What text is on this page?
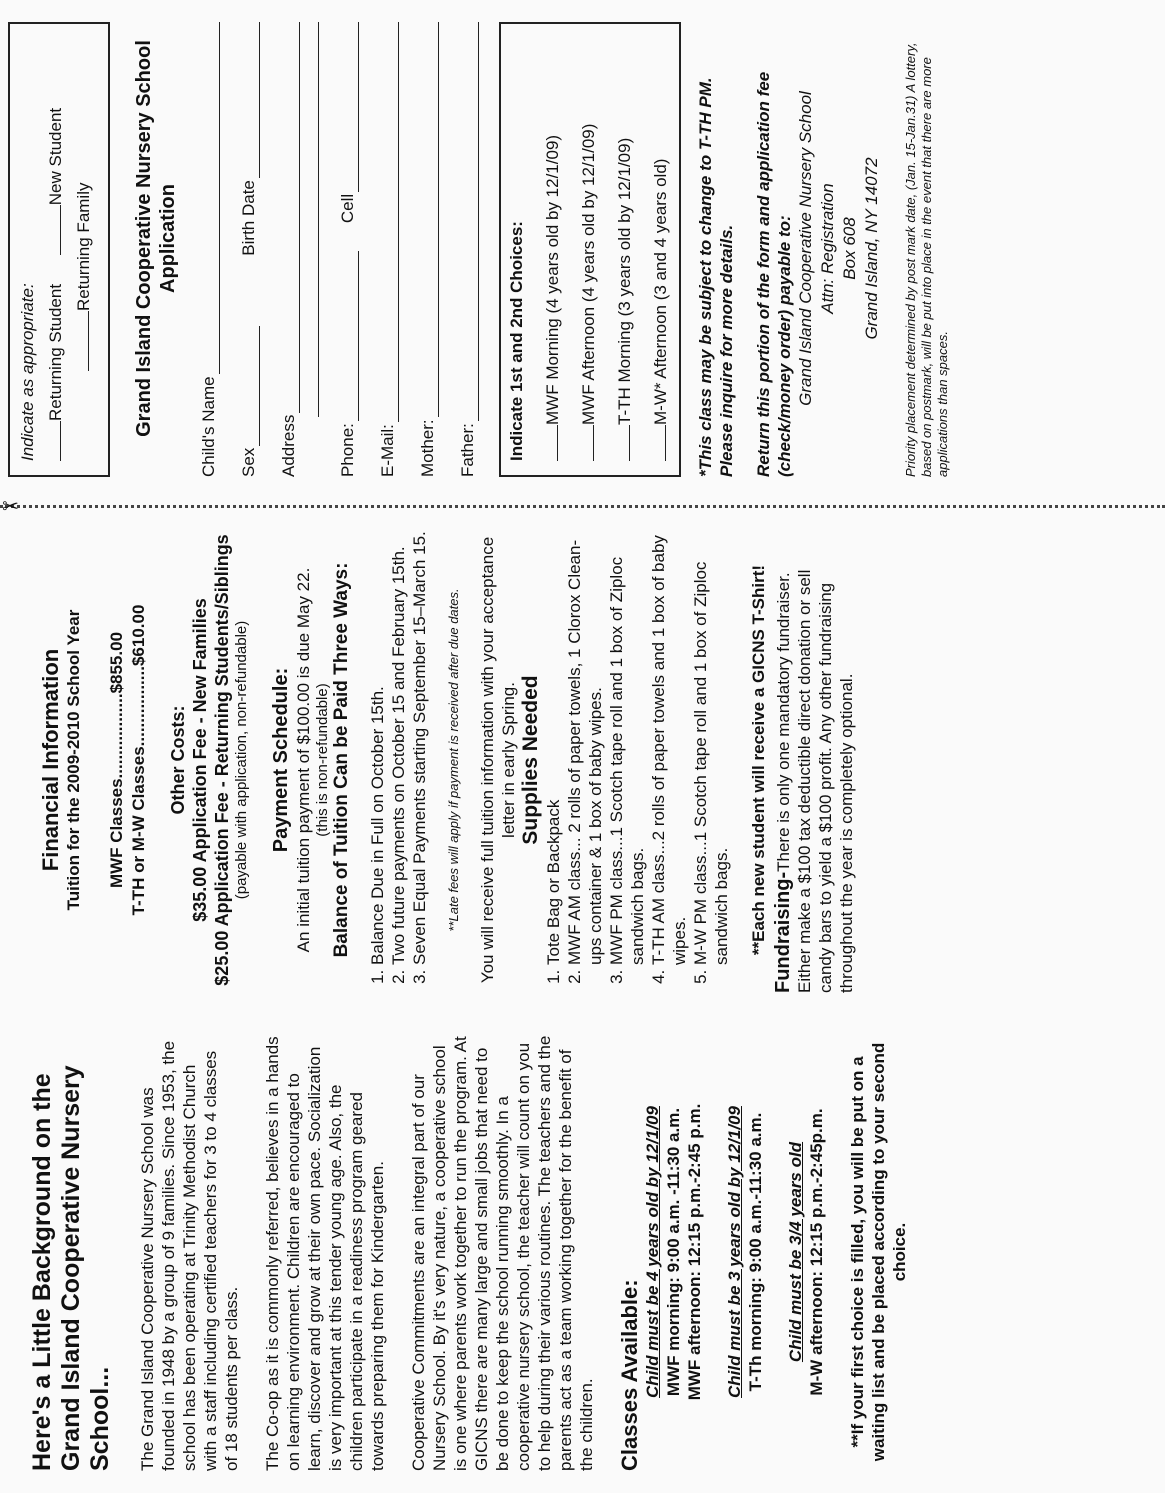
Here's a Little Background on the Grand Island Cooperative Nursery School... The Grand Island Cooperative Nursery School was founded in 1948 by a group of 9 families. Since 1953, the school has been operating at Trinity Methodist Church with a staff including certified teachers for 3 to 4 classes of 18 students per class. The Co-op as it is commonly referred, believes in a hands on learning environment. Children are encouraged to learn, discover and grow at their own pace. Socialization is very important at this tender young age. Also, the children participate in a readiness program geared towards preparing them for Kindergarten. Cooperative Commitments are an integral part of our Nursery School. By it's very nature, a cooperative school is one where parents work together to run the program. At GICNS there are many large and small jobs that need to be done to keep the school running smoothly. In a cooperative nursery school, the teacher will count on you to help during their various routines. The teachers and the parents act as a team working together for the benefit of the children. Classes Available: Child must be 4 years old by 12/1/09 MWF morning: 9:00 a.m. -11:30 a.m. MWF afternoon: 12:15 p.m.-2:45 p.m. Child must be 3 years old by 12/1/09 T-Th morning: 9:00 a.m.-11:30 a.m. Child must be 3/4 years old M-W afternoon: 12:15 p.m.-2:45p.m. **If your first choice is filled, you will be put on a waiting list and be placed according to your second choice.
Financial Information Tuition for the 2009-2010 School Year MWF Classes..................$855.00 T-TH or M-W Classes.................$610.00 Other Costs: $35.00 Application Fee - New Families $25.00 Application Fee - Returning Students/Siblings (payable with application, non-refundable) Payment Schedule: An initial tuition payment of $100.00 is due May 22. (this is non-refundable) Balance of Tuition Can be Paid Three Ways: 1. Balance Due in Full on October 15th. 2. Two future payments on October 15 and February 15th. 3. Seven Equal Payments starting September 15–March 15. **Late fees will apply if payment is received after due dates. You will receive full tuition information with your acceptance letter in early Spring. Supplies Needed
1. Tote Bag or Backpack 2. MWF AM class... 2 rolls of paper towels, 1 Clorox Clean-ups container & 1 box of baby wipes. 3. MWF PM class...1 Scotch tape roll and 1 box of Ziploc sandwich bags. 4. T-TH AM class...2 rolls of paper towels and 1 box of baby wipes. 5. M-W PM class...1 Scotch tape roll and 1 box of Ziploc sandwich bags. **Each new student will receive a GICNS T-Shirt! Fundraising-There is only one mandatory fundraiser. Either make a $100 tax deductible direct donation or sell candy bars to yield a $100 profit. Any other fundraising throughout the year is completely optional.
✂
Indicate as appropriate: Returning Student New Student
Returning Family Grand Island Cooperative Nursery School Application
Child's Name Sex
Birth Date
Address Phone:
Cell
E-Mail: Mother: Father: Indicate 1st and 2nd Choices: MWF Morning (4 years old by 12/1/09) MWF Afternoon (4 years old by 12/1/09) T-TH Morning (3 years old by 12/1/09) M-W* Afternoon (3 and 4 years old) *This class may be subject to change to T-TH PM. Please inquire for more details. Return this portion of the form and application fee (check/money order) payable to: Grand Island Cooperative Nursery School Attn: Registration Box 608 Grand Island, NY 14072 Priority placement determined by post mark date, (Jan. 15-Jan.31) A lottery, based on postmark, will be put into place in the event that there are more applications than spaces.
